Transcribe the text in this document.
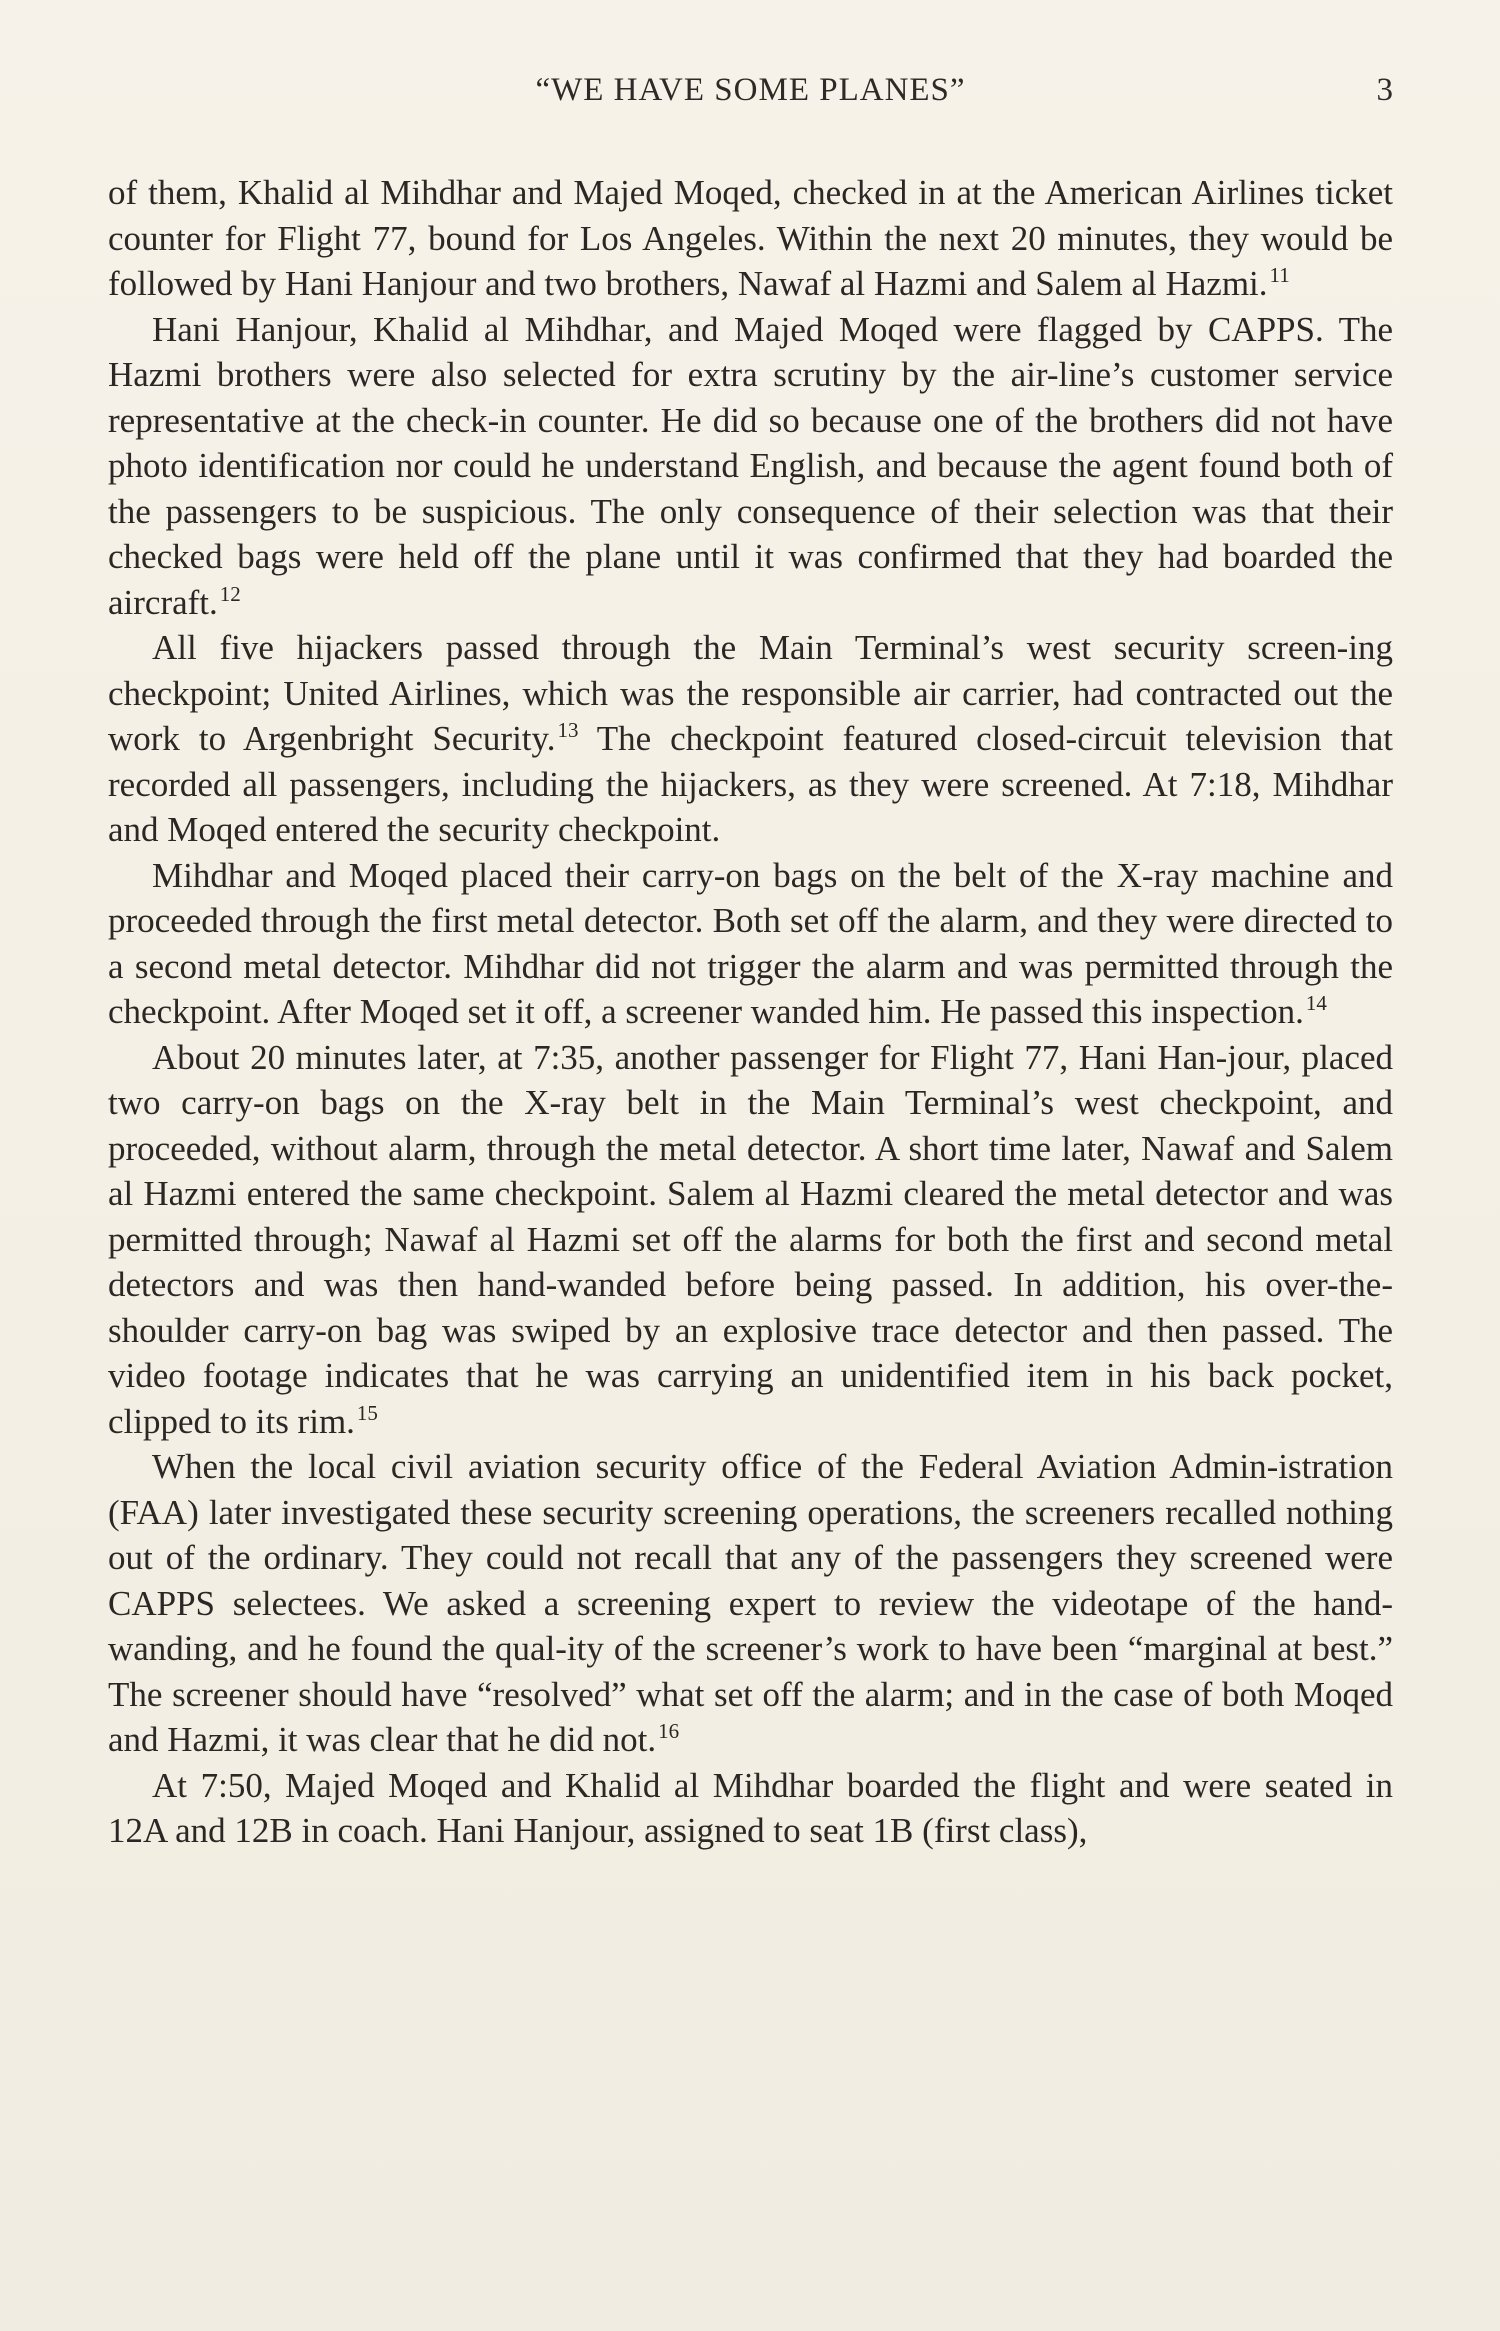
“WE HAVE SOME PLANES”	3

of them, Khalid al Mihdhar and Majed Moqed, checked in at the American Airlines ticket counter for Flight 77, bound for Los Angeles. Within the next 20 minutes, they would be followed by Hani Hanjour and two brothers, Nawaf al Hazmi and Salem al Hazmi.$^{11}$

Hani Hanjour, Khalid al Mihdhar, and Majed Moqed were flagged by CAPPS. The Hazmi brothers were also selected for extra scrutiny by the air-line’s customer service representative at the check-in counter. He did so because one of the brothers did not have photo identification nor could he understand English, and because the agent found both of the passengers to be suspicious. The only consequence of their selection was that their checked bags were held off the plane until it was confirmed that they had boarded the aircraft.$^{12}$

All five hijackers passed through the Main Terminal’s west security screen-ing checkpoint; United Airlines, which was the responsible air carrier, had contracted out the work to Argenbright Security.$^{13}$ The checkpoint featured closed-circuit television that recorded all passengers, including the hijackers, as they were screened. At 7:18, Mihdhar and Moqed entered the security checkpoint.

Mihdhar and Moqed placed their carry-on bags on the belt of the X-ray machine and proceeded through the first metal detector. Both set off the alarm, and they were directed to a second metal detector. Mihdhar did not trigger the alarm and was permitted through the checkpoint. After Moqed set it off, a screener wanded him. He passed this inspection.$^{14}$

About 20 minutes later, at 7:35, another passenger for Flight 77, Hani Han-jour, placed two carry-on bags on the X-ray belt in the Main Terminal’s west checkpoint, and proceeded, without alarm, through the metal detector. A short time later, Nawaf and Salem al Hazmi entered the same checkpoint. Salem al Hazmi cleared the metal detector and was permitted through; Nawaf al Hazmi set off the alarms for both the first and second metal detectors and was then hand-wanded before being passed. In addition, his over-the-shoulder carry-on bag was swiped by an explosive trace detector and then passed. The video footage indicates that he was carrying an unidentified item in his back pocket, clipped to its rim.$^{15}$

When the local civil aviation security office of the Federal Aviation Admin-istration (FAA) later investigated these security screening operations, the screeners recalled nothing out of the ordinary. They could not recall that any of the passengers they screened were CAPPS selectees. We asked a screening expert to review the videotape of the hand-wanding, and he found the qual-ity of the screener’s work to have been “marginal at best.” The screener should have “resolved” what set off the alarm; and in the case of both Moqed and Hazmi, it was clear that he did not.$^{16}$

At 7:50, Majed Moqed and Khalid al Mihdhar boarded the flight and were seated in 12A and 12B in coach. Hani Hanjour, assigned to seat 1B (first class),
